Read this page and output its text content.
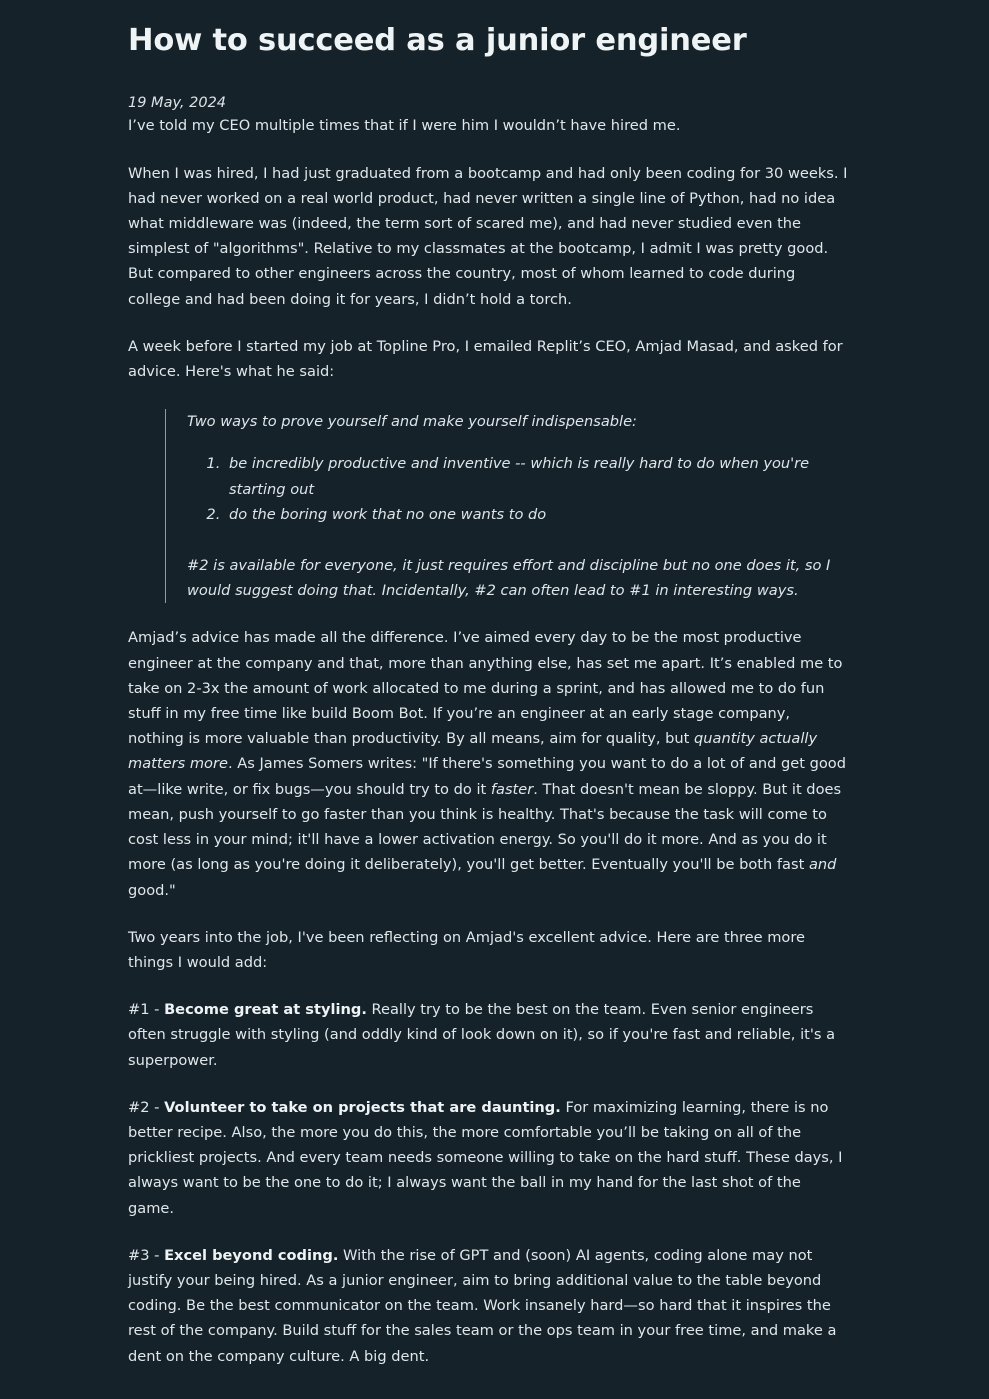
How to succeed as a junior engineer
19 May, 2024

I’ve told my CEO multiple times that if I were him I wouldn’t have hired me.

When I was hired, I had just graduated from a bootcamp and had only been coding for 30 weeks. I had never worked on a real world product, had never written a single line of Python, had no idea what middleware was (indeed, the term sort of scared me), and had never studied even the simplest of "algorithms". Relative to my classmates at the bootcamp, I admit I was pretty good. But compared to other engineers across the country, most of whom learned to code during college and had been doing it for years, I didn’t hold a torch.

A week before I started my job at Topline Pro, I emailed Replit’s CEO, Amjad Masad, and asked for advice. Here's what he said:

Two ways to prove yourself and make yourself indispensable:

1. be incredibly productive and inventive -- which is really hard to do when you're starting out
2. do the boring work that no one wants to do

#2 is available for everyone, it just requires effort and discipline but no one does it, so I would suggest doing that. Incidentally, #2 can often lead to #1 in interesting ways.

Amjad’s advice has made all the difference. I’ve aimed every day to be the most productive engineer at the company and that, more than anything else, has set me apart. It’s enabled me to take on 2-3x the amount of work allocated to me during a sprint, and has allowed me to do fun stuff in my free time like build Boom Bot. If you’re an engineer at an early stage company, nothing is more valuable than productivity. By all means, aim for quality, but quantity actually matters more. As James Somers writes: "If there's something you want to do a lot of and get good at—like write, or fix bugs—you should try to do it faster. That doesn't mean be sloppy. But it does mean, push yourself to go faster than you think is healthy. That's because the task will come to cost less in your mind; it'll have a lower activation energy. So you'll do it more. And as you do it more (as long as you're doing it deliberately), you'll get better. Eventually you'll be both fast and good."

Two years into the job, I've been reflecting on Amjad's excellent advice. Here are three more things I would add:

#1 - Become great at styling. Really try to be the best on the team. Even senior engineers often struggle with styling (and oddly kind of look down on it), so if you're fast and reliable, it's a superpower.

#2 - Volunteer to take on projects that are daunting. For maximizing learning, there is no better recipe. Also, the more you do this, the more comfortable you’ll be taking on all of the prickliest projects. And every team needs someone willing to take on the hard stuff. These days, I always want to be the one to do it; I always want the ball in my hand for the last shot of the game.

#3 - Excel beyond coding. With the rise of GPT and (soon) AI agents, coding alone may not justify your being hired. As a junior engineer, aim to bring additional value to the table beyond coding. Be the best communicator on the team. Work insanely hard—so hard that it inspires the rest of the company. Build stuff for the sales team or the ops team in your free time, and make a dent on the company culture. A big dent.
